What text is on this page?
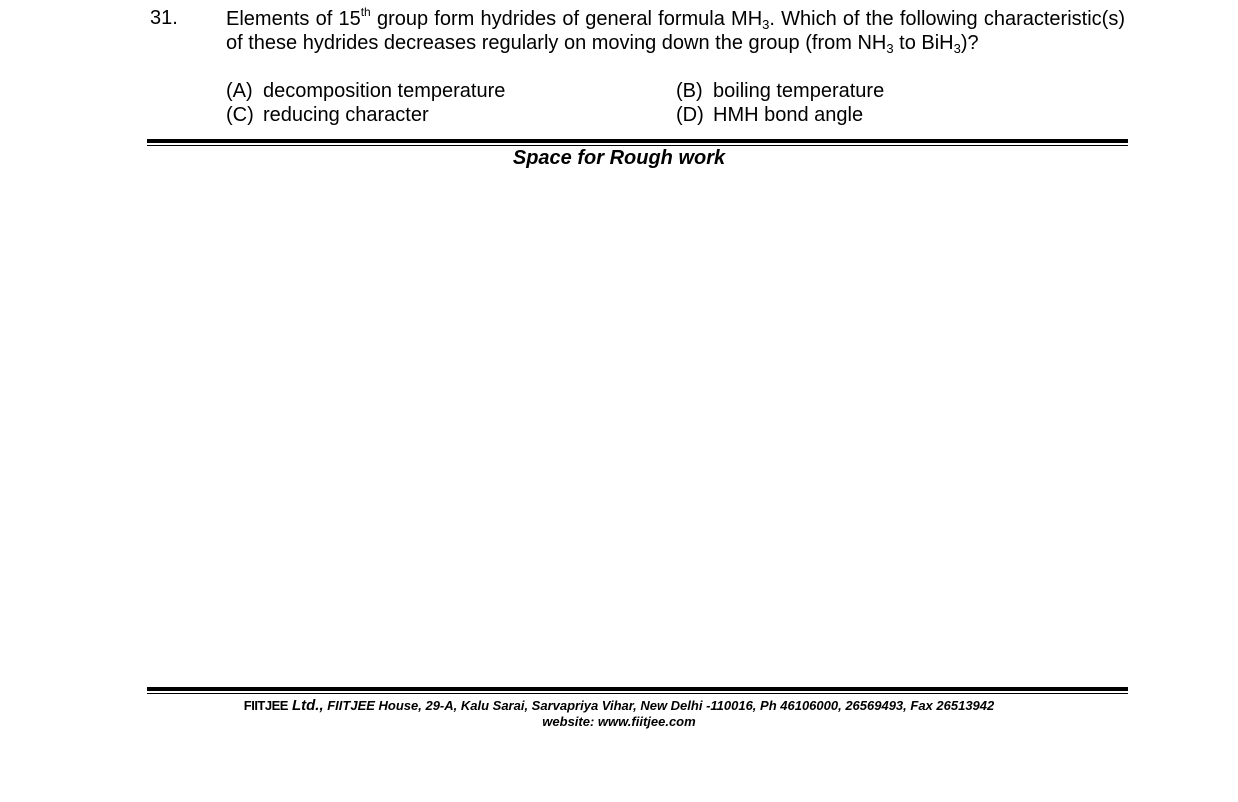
31. Elements of 15th group form hydrides of general formula $MH_3$. Which of the following characteristic(s) of these hydrides decreases regularly on moving down the group (from $NH_3$ to BiH$_3$)?
(A) decomposition temperature	(B) boiling temperature
(C) reducing character	(D) HMH bond angle
Space for Rough work
FIITJEE Ltd., FIITJEE House, 29-A, Kalu Sarai, Sarvapriya Vihar, New Delhi -110016, Ph 46106000, 26569493, Fax 26513942
website: www.fiitjee.com
